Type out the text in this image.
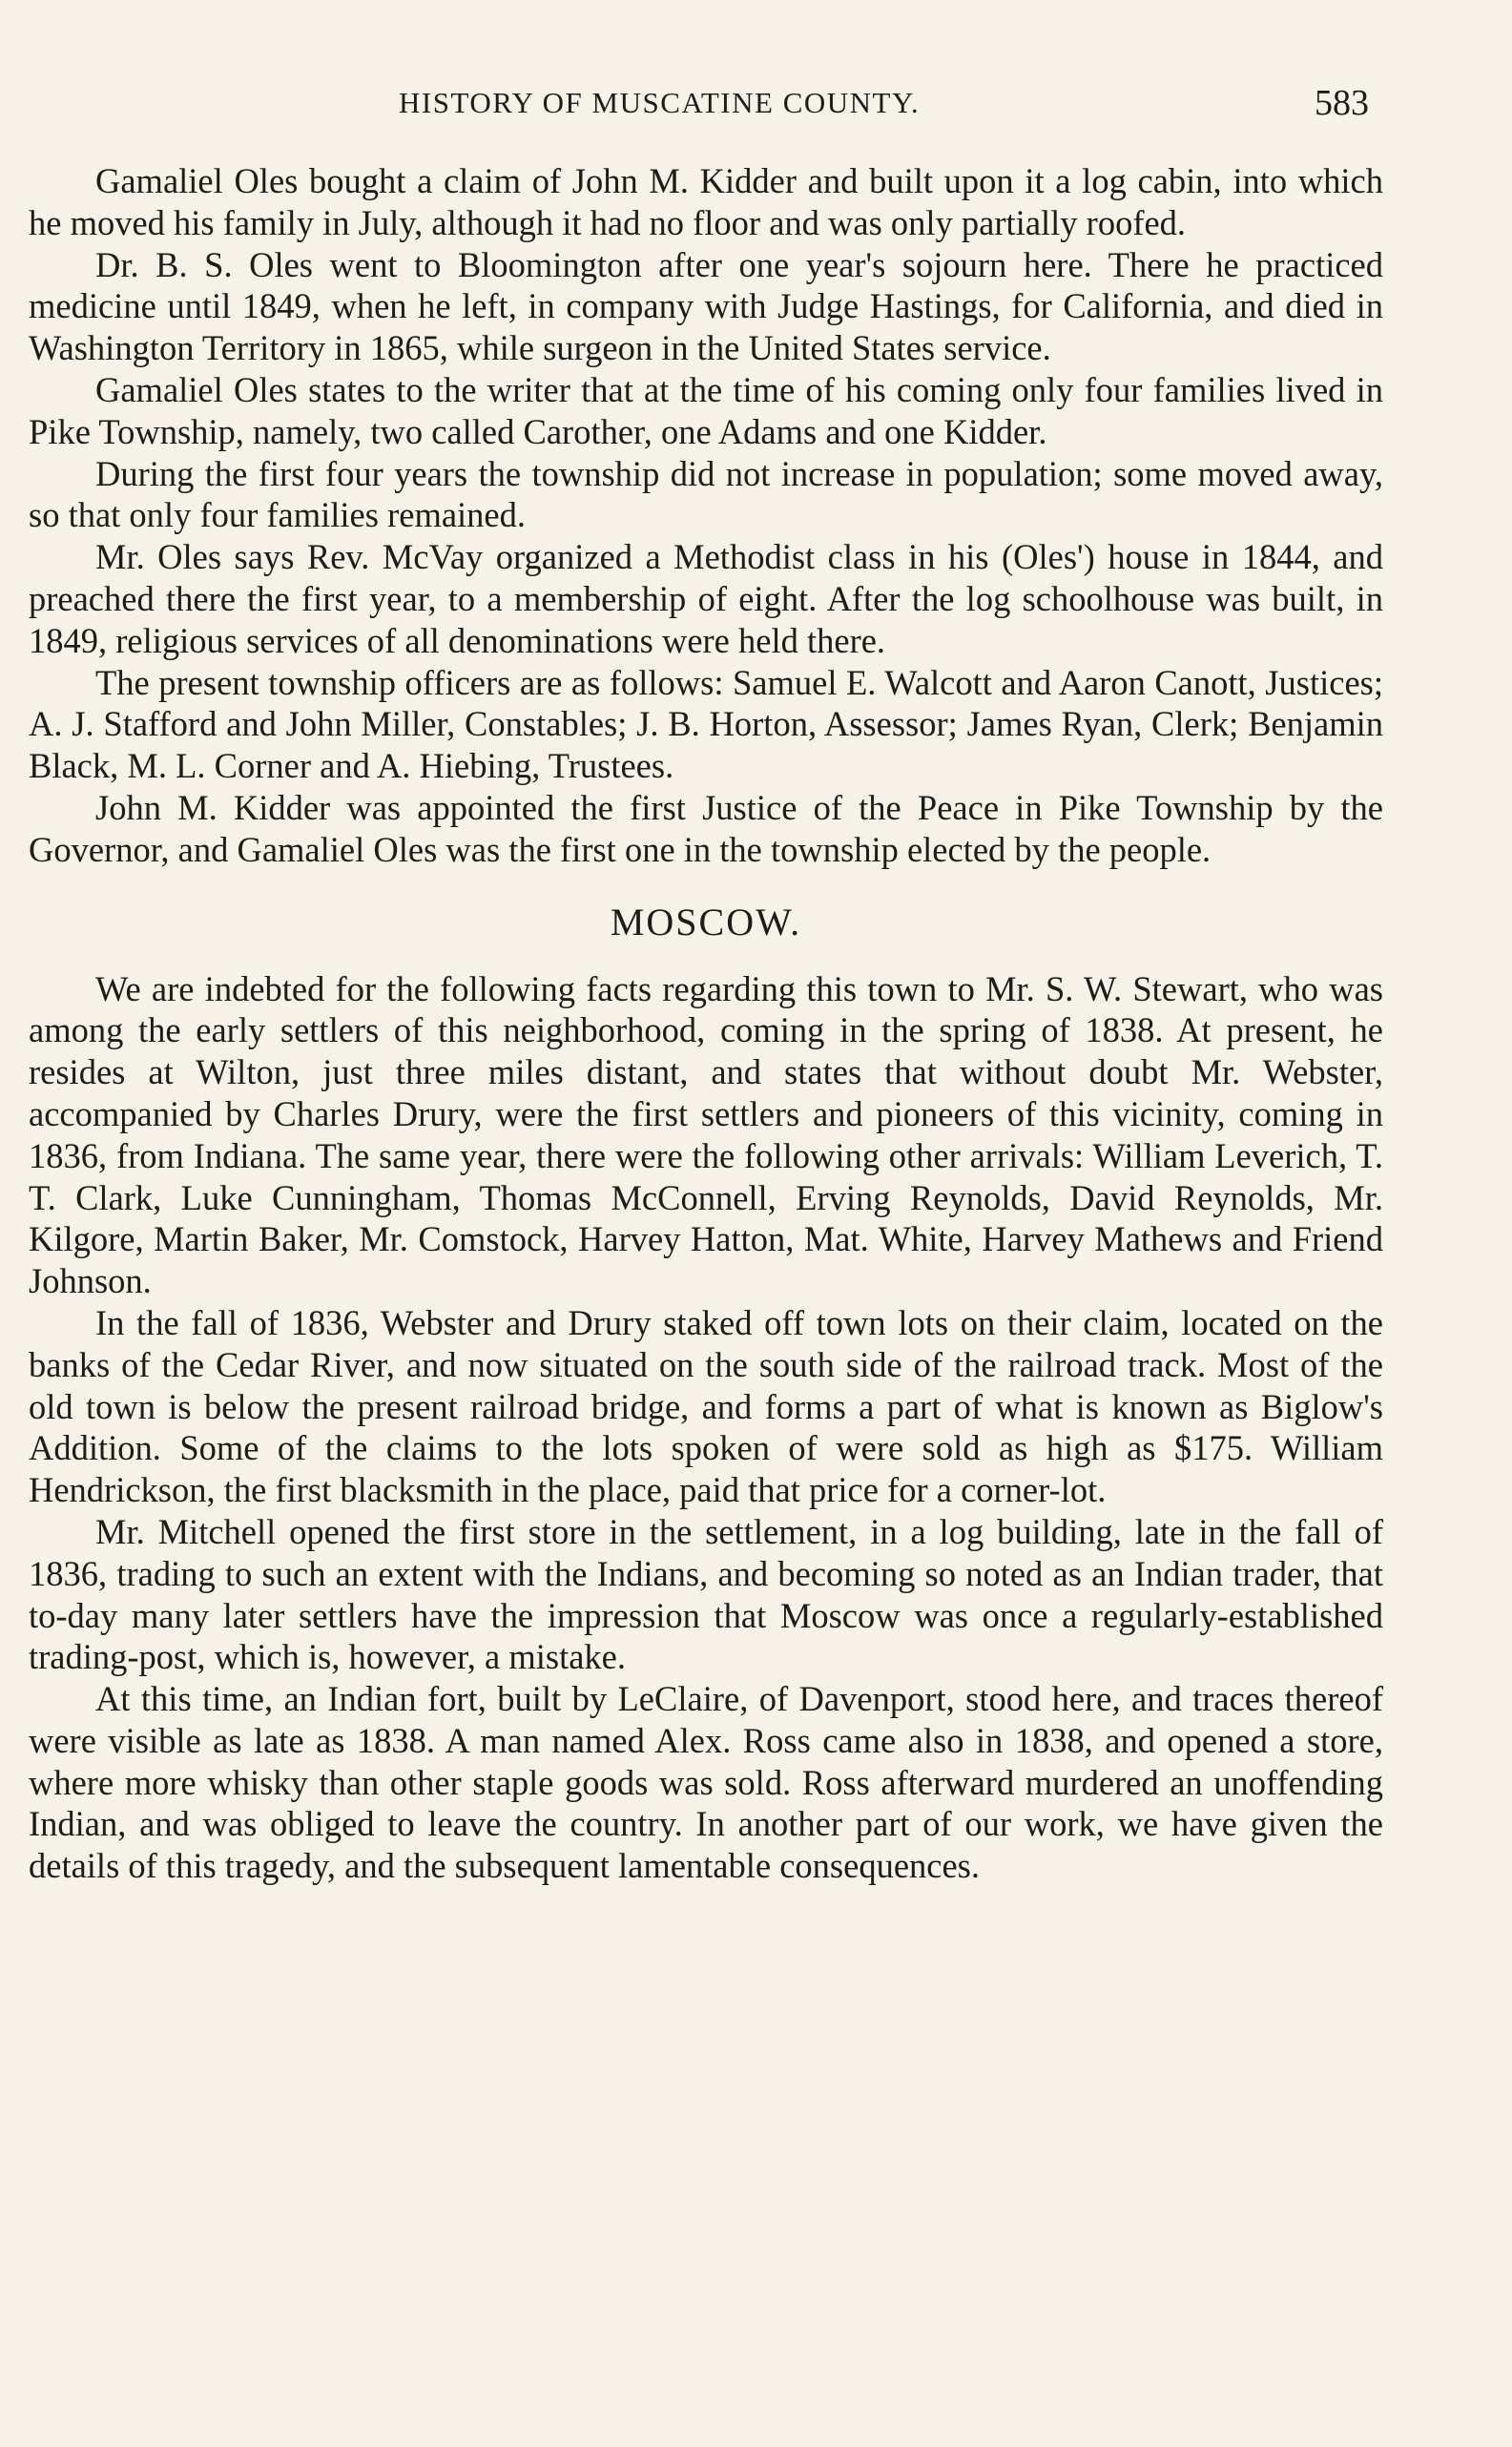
HISTORY OF MUSCATINE COUNTY.	583

Gamaliel Oles bought a claim of John M. Kidder and built upon it a log cabin, into which he moved his family in July, although it had no floor and was only partially roofed.

Dr. B. S. Oles went to Bloomington after one year's sojourn here. There he practiced medicine until 1849, when he left, in company with Judge Hastings, for California, and died in Washington Territory in 1865, while surgeon in the United States service.

Gamaliel Oles states to the writer that at the time of his coming only four families lived in Pike Township, namely, two called Carother, one Adams and one Kidder.

During the first four years the township did not increase in population; some moved away, so that only four families remained.

Mr. Oles says Rev. McVay organized a Methodist class in his (Oles') house in 1844, and preached there the first year, to a membership of eight. After the log schoolhouse was built, in 1849, religious services of all denominations were held there.

The present township officers are as follows: Samuel E. Walcott and Aaron Canott, Justices; A. J. Stafford and John Miller, Constables; J. B. Horton, Assessor; James Ryan, Clerk; Benjamin Black, M. L. Corner and A. Hiebing, Trustees.

John M. Kidder was appointed the first Justice of the Peace in Pike Township by the Governor, and Gamaliel Oles was the first one in the township elected by the people.

MOSCOW.

We are indebted for the following facts regarding this town to Mr. S. W. Stewart, who was among the early settlers of this neighborhood, coming in the spring of 1838. At present, he resides at Wilton, just three miles distant, and states that without doubt Mr. Webster, accompanied by Charles Drury, were the first settlers and pioneers of this vicinity, coming in 1836, from Indiana. The same year, there were the following other arrivals: William Leverich, T. T. Clark, Luke Cunningham, Thomas McConnell, Erving Reynolds, David Reynolds, Mr. Kilgore, Martin Baker, Mr. Comstock, Harvey Hatton, Mat. White, Harvey Mathews and Friend Johnson.

In the fall of 1836, Webster and Drury staked off town lots on their claim, located on the banks of the Cedar River, and now situated on the south side of the railroad track. Most of the old town is below the present railroad bridge, and forms a part of what is known as Biglow's Addition. Some of the claims to the lots spoken of were sold as high as $175. William Hendrickson, the first blacksmith in the place, paid that price for a corner-lot.

Mr. Mitchell opened the first store in the settlement, in a log building, late in the fall of 1836, trading to such an extent with the Indians, and becoming so noted as an Indian trader, that to-day many later settlers have the impression that Moscow was once a regularly-established trading-post, which is, however, a mistake.

At this time, an Indian fort, built by LeClaire, of Davenport, stood here, and traces thereof were visible as late as 1838. A man named Alex. Ross came also in 1838, and opened a store, where more whisky than other staple goods was sold. Ross afterward murdered an unoffending Indian, and was obliged to leave the country. In another part of our work, we have given the details of this tragedy, and the subsequent lamentable consequences.
